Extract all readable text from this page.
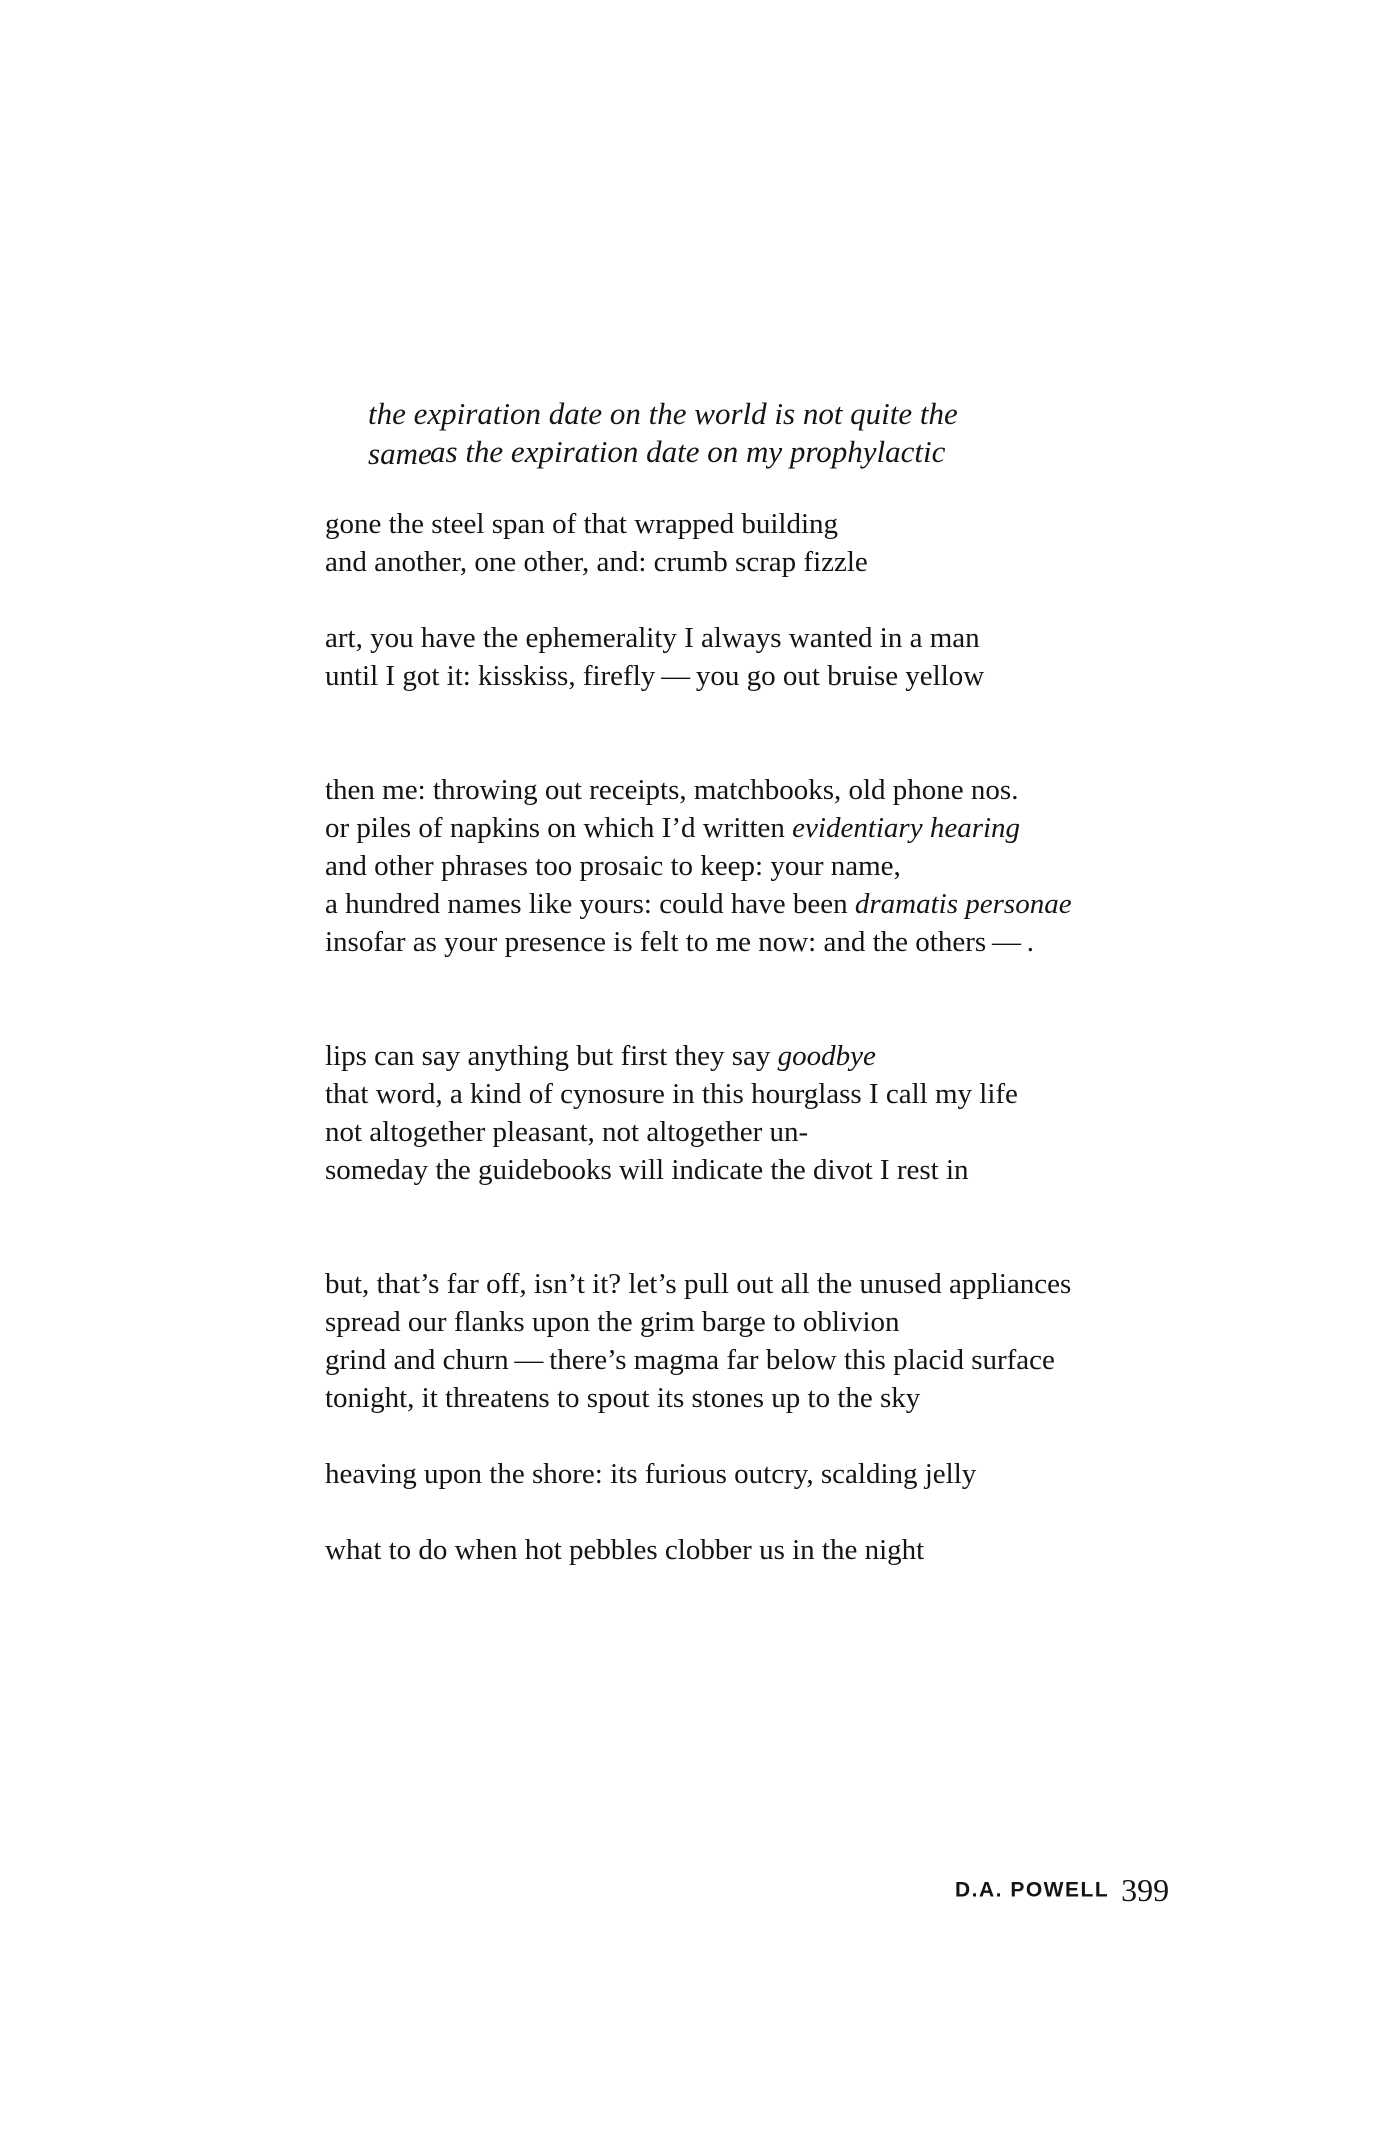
the expiration date on the world is not quite the same
as the expiration date on my prophylactic
gone the steel span of that wrapped building
and another, one other, and: crumb scrap fizzle
art, you have the ephemerality I always wanted in a man
until I got it: kisskiss, firefly — you go out bruise yellow
then me: throwing out receipts, matchbooks, old phone nos.
or piles of napkins on which I’d written evidentiary hearing
and other phrases too prosaic to keep: your name,
a hundred names like yours: could have been dramatis personae
insofar as your presence is felt to me now: and the others — .
lips can say anything but first they say goodbye
that word, a kind of cynosure in this hourglass I call my life
not altogether pleasant, not altogether un-
someday the guidebooks will indicate the divot I rest in
but, that’s far off, isn’t it? let’s pull out all the unused appliances
spread our flanks upon the grim barge to oblivion
grind and churn — there’s magma far below this placid surface
tonight, it threatens to spout its stones up to the sky
heaving upon the shore: its furious outcry, scalding jelly
what to do when hot pebbles clobber us in the night
D.A. POWELL 399
